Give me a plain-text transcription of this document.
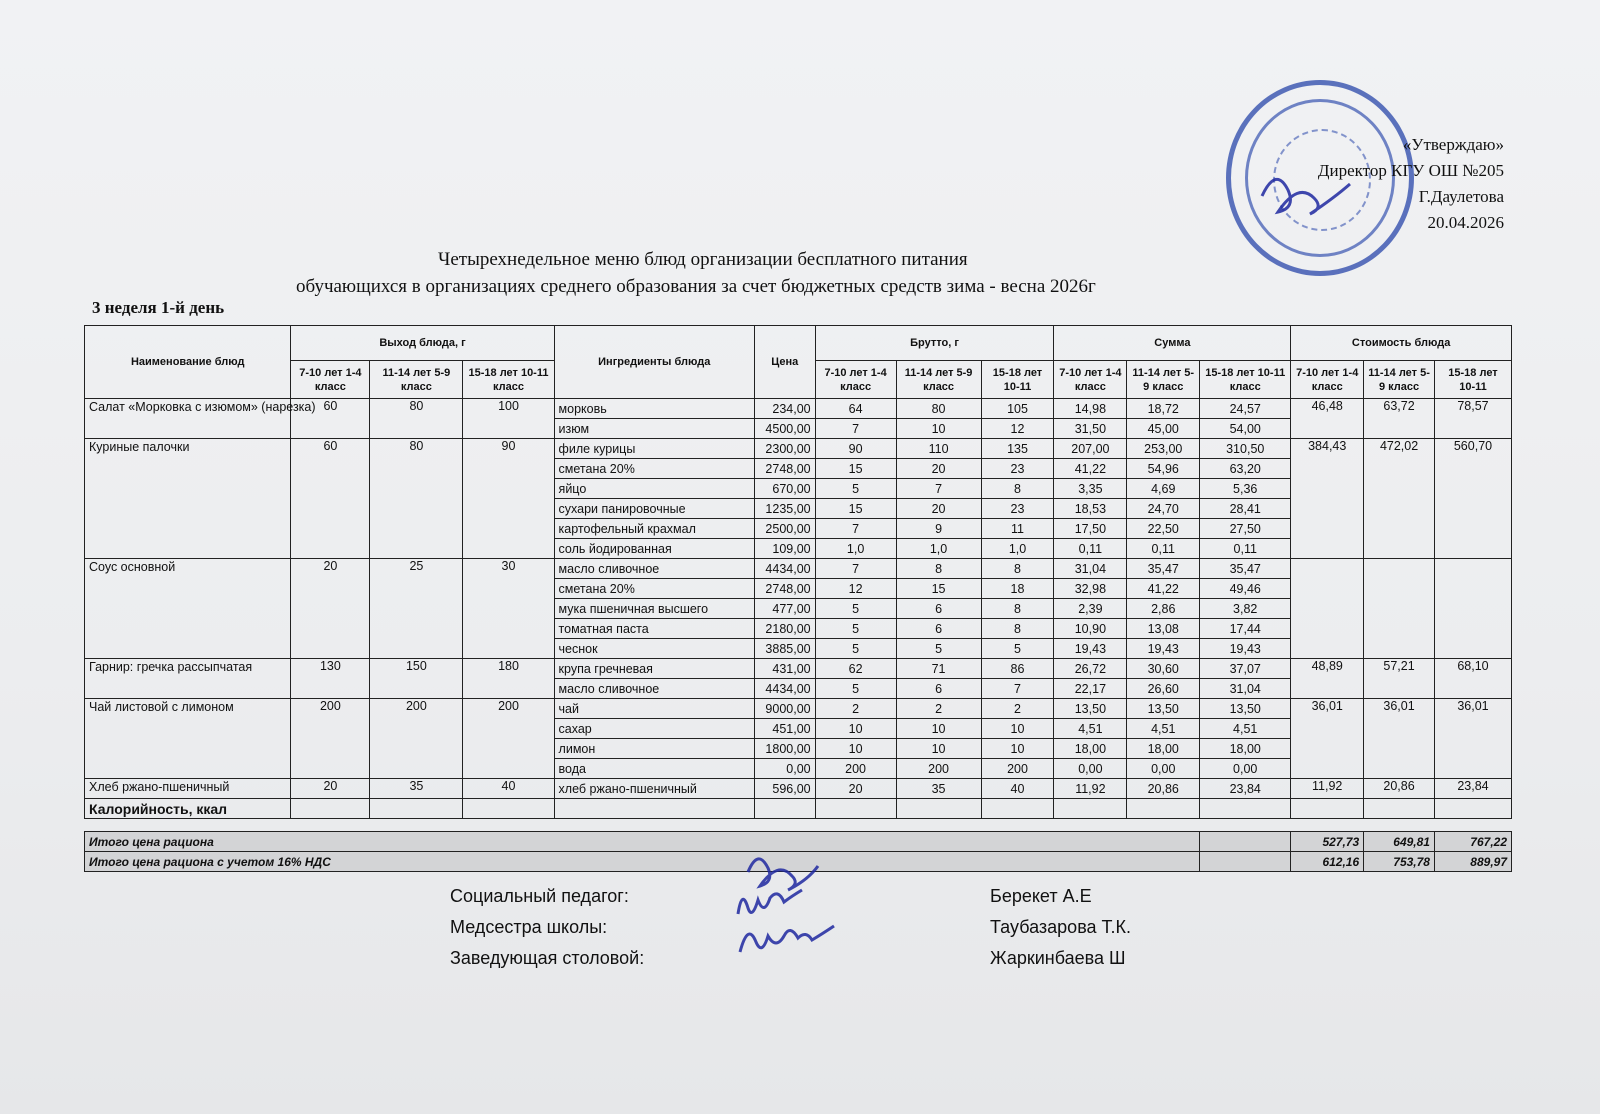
«Утверждаю»
Директор КГУ ОШ №205
Г.Даулетова
20.04.2026
Четырехнедельное меню блюд организации бесплатного питания
обучающихся в организациях среднего образования за счет бюджетных средств зима - весна 2026г
3 неделя 1-й день
Наименование блюд	Выход блюда, г			Ингредиенты блюда	Цена	Брутто, г			Сумма			Стоимость блюда		
	7-10 лет 1-4 класс	11-14 лет 5-9 класс	15-18 лет 10-11 класс			7-10 лет 1-4 класс	11-14 лет 5-9 класс	15-18 лет 10-11	7-10 лет 1-4 класс	11-14 лет 5-9 класс	15-18 лет 10-11 класс	7-10 лет 1-4 класс	11-14 лет 5-9 класс	15-18 лет 10-11
Салат «Морковка с изюмом» (нарезка)	60	80	100	морковь	234,00	64	80	105	14,98	18,72	24,57	46,48	63,72	78,57
				изюм	4500,00	7	10	12	31,50	45,00	54,00			
Куриные палочки	60	80	90	филе курицы	2300,00	90	110	135	207,00	253,00	310,50	384,43	472,02	560,70
				сметана 20%	2748,00	15	20	23	41,22	54,96	63,20			
				яйцо	670,00	5	7	8	3,35	4,69	5,36			
				сухари панировочные	1235,00	15	20	23	18,53	24,70	28,41			
				картофельный крахмал	2500,00	7	9	11	17,50	22,50	27,50			
				соль йодированная	109,00	1,0	1,0	1,0	0,11	0,11	0,11			
Соус основной	20	25	30	масло сливочное	4434,00	7	8	8	31,04	35,47	35,47			
				сметана 20%	2748,00	12	15	18	32,98	41,22	49,46			
				мука пшеничная высшего	477,00	5	6	8	2,39	2,86	3,82			
				томатная паста	2180,00	5	6	8	10,90	13,08	17,44			
				чеснок	3885,00	5	5	5	19,43	19,43	19,43			
Гарнир: гречка рассыпчатая	130	150	180	крупа гречневая	431,00	62	71	86	26,72	30,60	37,07	48,89	57,21	68,10
				масло сливочное	4434,00	5	6	7	22,17	26,60	31,04			
Чай листовой с лимоном	200	200	200	чай	9000,00	2	2	2	13,50	13,50	13,50	36,01	36,01	36,01
				сахар	451,00	10	10	10	4,51	4,51	4,51			
				лимон	1800,00	10	10	10	18,00	18,00	18,00			
				вода	0,00	200	200	200	0,00	0,00	0,00			
Хлеб ржано-пшеничный	20	35	40	хлеб ржано-пшеничный	596,00	20	35	40	11,92	20,86	23,84	11,92	20,86	23,84
Калорийность, ккал														

Итого цена рациона												527,73	649,81	767,22
Итого цена рациона с учетом 16% НДС												612,16	753,78	889,97
Социальный педагог:	Берекет А.Е
Медсестра школы:	Таубазарова Т.К.
Заведующая столовой:	Жаркинбаева Ш
